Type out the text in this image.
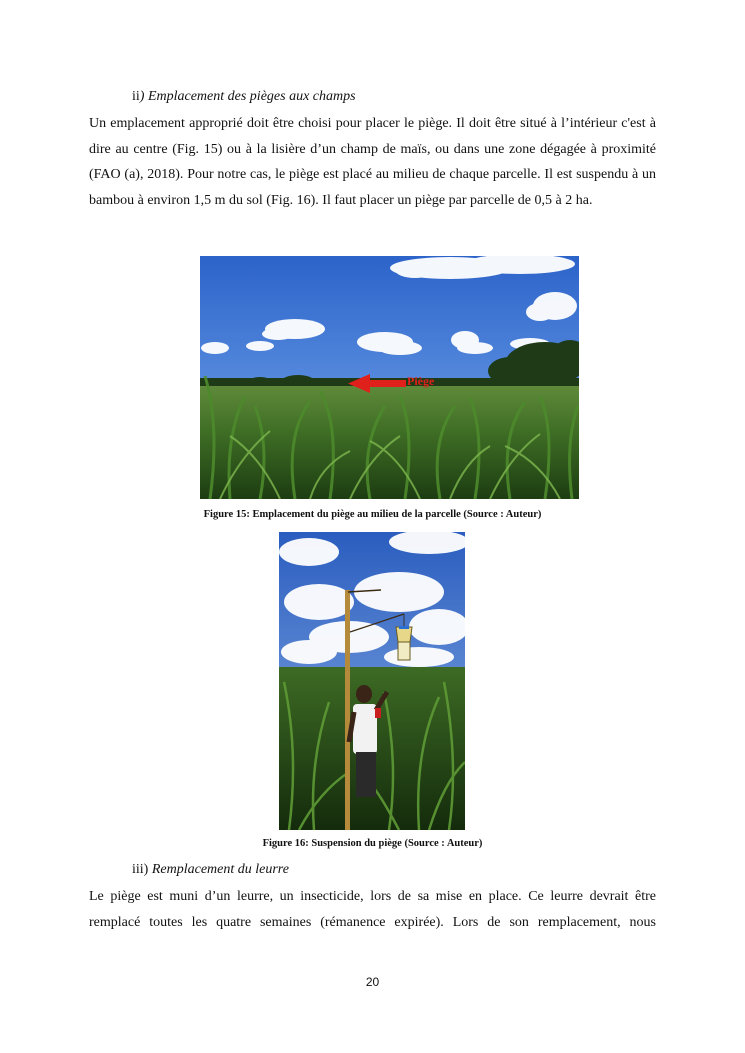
ii) Emplacement des pièges aux champs

Un emplacement approprié doit être choisi pour placer le piège. Il doit être situé à l’intérieur c'est à dire au centre (Fig. 15) ou à la lisière d’un champ de maïs, ou dans une zone dégagée à proximité (FAO (a), 2018). Pour notre cas, le piège est placé au milieu de chaque parcelle. Il est suspendu à un bambou à environ 1,5 m du sol (Fig. 16). Il faut placer un piège par parcelle de 0,5 à 2 ha.

Piège
Figure 15: Emplacement du piège au milieu de la parcelle (Source : Auteur)
Figure 16: Suspension du piège (Source : Auteur)
iii) Remplacement du leurre

Le piège est muni d’un leurre, un insecticide, lors de sa mise en place. Ce leurre devrait être remplacé toutes les quatre semaines (rémanence expirée). Lors de son remplacement, nous

20
